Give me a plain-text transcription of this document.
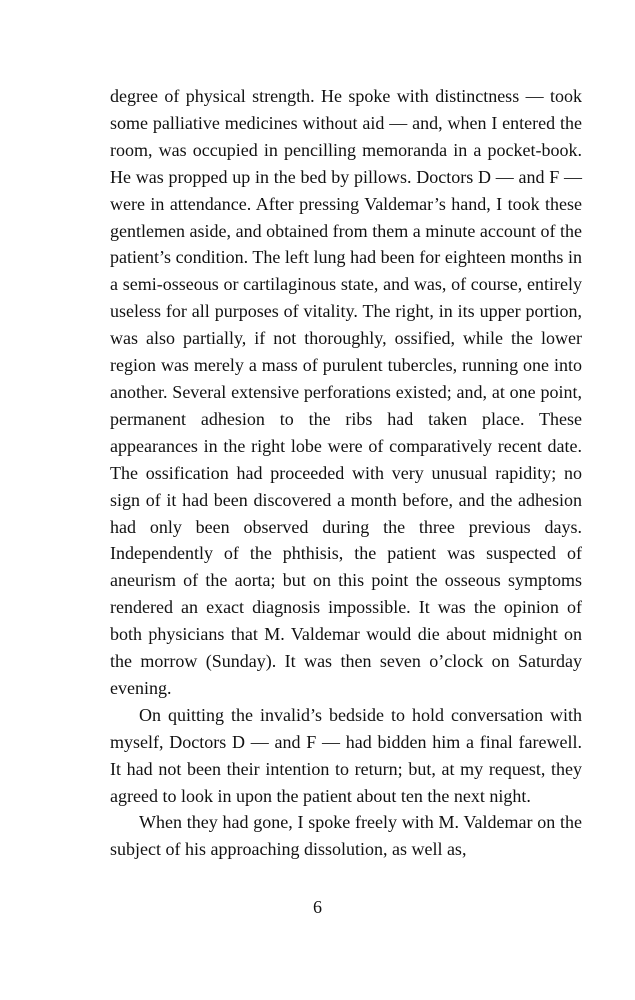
degree of physical strength. He spoke with distinctness — took some palliative medicines without aid — and, when I entered the room, was occupied in pencilling memoranda in a pocket-book. He was propped up in the bed by pillows. Doctors D — and F — were in attendance. After pressing Valdemar’s hand, I took these gentlemen aside, and obtained from them a minute account of the patient’s condition. The left lung had been for eighteen months in a semi-osseous or cartilaginous state, and was, of course, entirely useless for all purposes of vitality. The right, in its upper portion, was also partially, if not thoroughly, ossified, while the lower region was merely a mass of purulent tubercles, running one into another. Several extensive perforations existed; and, at one point, permanent adhesion to the ribs had taken place. These appearances in the right lobe were of comparatively recent date. The ossification had proceeded with very unusual rapidity; no sign of it had been discovered a month before, and the adhesion had only been observed during the three previous days. Independently of the phthisis, the patient was suspected of aneurism of the aorta; but on this point the osseous symptoms rendered an exact diagnosis impossible. It was the opinion of both physicians that M. Valdemar would die about midnight on the morrow (Sunday). It was then seven o’clock on Saturday evening.

On quitting the invalid’s bedside to hold conversation with myself, Doctors D — and F — had bidden him a final farewell. It had not been their intention to return; but, at my request, they agreed to look in upon the patient about ten the next night.

When they had gone, I spoke freely with M. Valdemar on the subject of his approaching dissolution, as well as,

6
